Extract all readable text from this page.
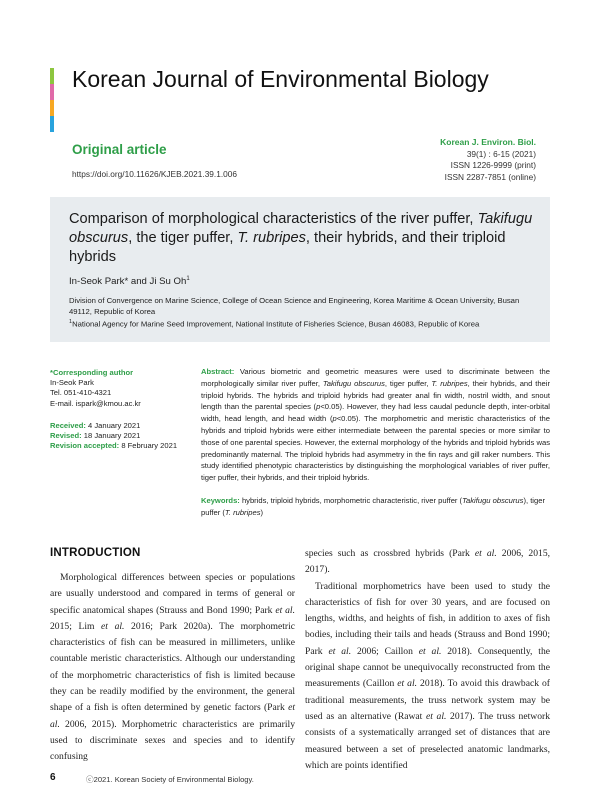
Korean Journal of Environmental Biology
Original article
https://doi.org/10.11626/KJEB.2021.39.1.006
Korean J. Environ. Biol.
39(1) : 6-15 (2021)
ISSN 1226-9999 (print)
ISSN 2287-7851 (online)
Comparison of morphological characteristics of the river puffer, Takifugu obscurus, the tiger puffer, T. rubripes, their hybrids, and their triploid hybrids
In-Seok Park* and Ji Su Oh$^1$
Division of Convergence on Marine Science, College of Ocean Science and Engineering, Korea Maritime & Ocean University, Busan 49112, Republic of Korea
$^1$National Agency for Marine Seed Improvement, National Institute of Fisheries Science, Busan 46083, Republic of Korea
*Corresponding author
In-Seok Park
Tel. 051-410-4321
E-mail. ispark@kmou.ac.kr
Received: 4 January 2021
Revised: 18 January 2021
Revision accepted: 8 February 2021
Abstract: Various biometric and geometric measures were used to discriminate between the morphologically similar river puffer, Takifugu obscurus, tiger puffer, T. rubripes, their hybrids, and their triploid hybrids. The hybrids and triploid hybrids had greater anal fin width, nostril width, and snout length than the parental species (p<0.05). However, they had less caudal peduncle depth, inter-orbital width, head length, and head width (p<0.05). The morphometric and meristic characteristics of the hybrids and triploid hybrids were either intermediate between the parental species or more similar to those of one parental species. However, the external morphology of the hybrids and triploid hybrids was predominantly maternal. The triploid hybrids had asymmetry in the fin rays and gill raker numbers. This study identified phenotypic characteristics by distinguishing the morphological variables of river puffer, tiger puffer, their hybrids, and their triploid hybrids.
Keywords: hybrids, triploid hybrids, morphometric characteristic, river puffer (Takifugu obscurus), tiger puffer (T. rubripes)
INTRODUCTION

Morphological differences between species or populations are usually understood and compared in terms of general or specific anatomical shapes (Strauss and Bond 1990; Park et al. 2015; Lim et al. 2016; Park 2020a). The morphometric characteristics of fish can be measured in millimeters, unlike countable meristic characteristics. Although our understanding of the morphometric characteristics of fish is limited because they can be readily modified by the environment, the general shape of a fish is often determined by genetic factors (Park et al. 2006, 2015). Morphometric characteristics are primarily used to discriminate sexes and species and to identify confusing

species such as crossbred hybrids (Park et al. 2006, 2015, 2017).

Traditional morphometrics have been used to study the characteristics of fish for over 30 years, and are focused on lengths, widths, and heights of fish, in addition to axes of fish bodies, including their tails and heads (Strauss and Bond 1990; Park et al. 2006; Caillon et al. 2018). Consequently, the original shape cannot be unequivocally reconstructed from the measurements (Caillon et al. 2018). To avoid this drawback of traditional measurements, the truss network system may be used as an alternative (Rawat et al. 2017). The truss network consists of a systematically arranged set of distances that are measured between a set of preselected anatomic landmarks, which are points identified

6	ⓒ2021. Korean Society of Environmental Biology.
